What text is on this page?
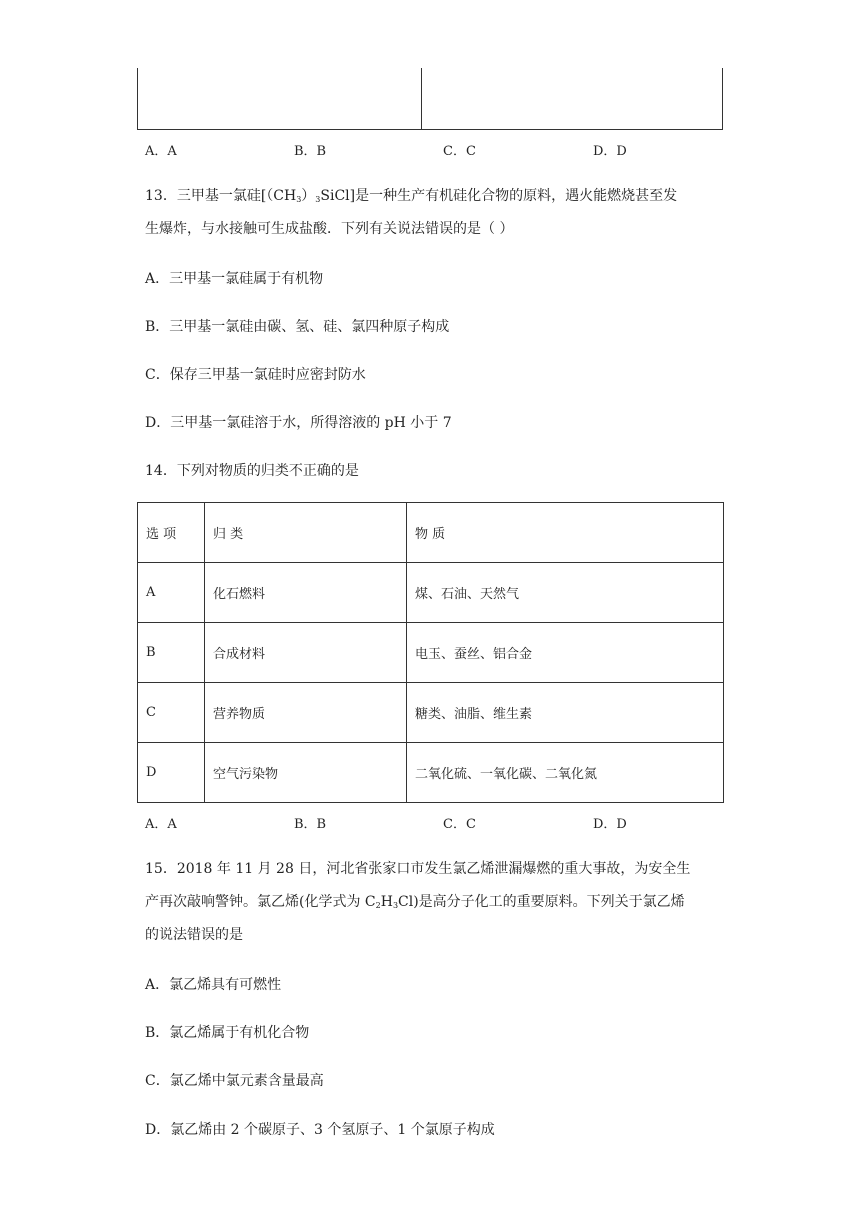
A．A	B．B	C．C	D．D
13．三甲基一氯硅$[(CH_3)_3SiCl]$是一种生产有机硅化合物的原料，遇火能燃烧甚至发
生爆炸，与水接触可生成盐酸．下列有关说法错误的是（ ）
A．三甲基一氯硅属于有机物
B．三甲基一氯硅由碳、氢、硅、氯四种原子构成
C．保存三甲基一氯硅时应密封防水
D．三甲基一氯硅溶于水，所得溶液的 pH 小于 7
14．下列对物质的归类不正确的是
选 项	归 类	物 质
A	化石燃料	煤、石油、天然气
B	合成材料	电玉、蚕丝、铝合金
C	营养物质	糖类、油脂、维生素
D	空气污染物	二氧化硫、一氧化碳、二氧化氮
A．A	B．B	C．C	D．D
15．2018 年 11 月 28 日，河北省张家口市发生氯乙烯泄漏爆燃的重大事故，为安全生
产再次敲响警钟。氯乙烯(化学式为 $C_2H_3Cl$)是高分子化工的重要原料。下列关于氯乙烯
的说法错误的是
A．氯乙烯具有可燃性
B．氯乙烯属于有机化合物
C．氯乙烯中氯元素含量最高
D．氯乙烯由 2 个碳原子、3 个氢原子、1 个氯原子构成
